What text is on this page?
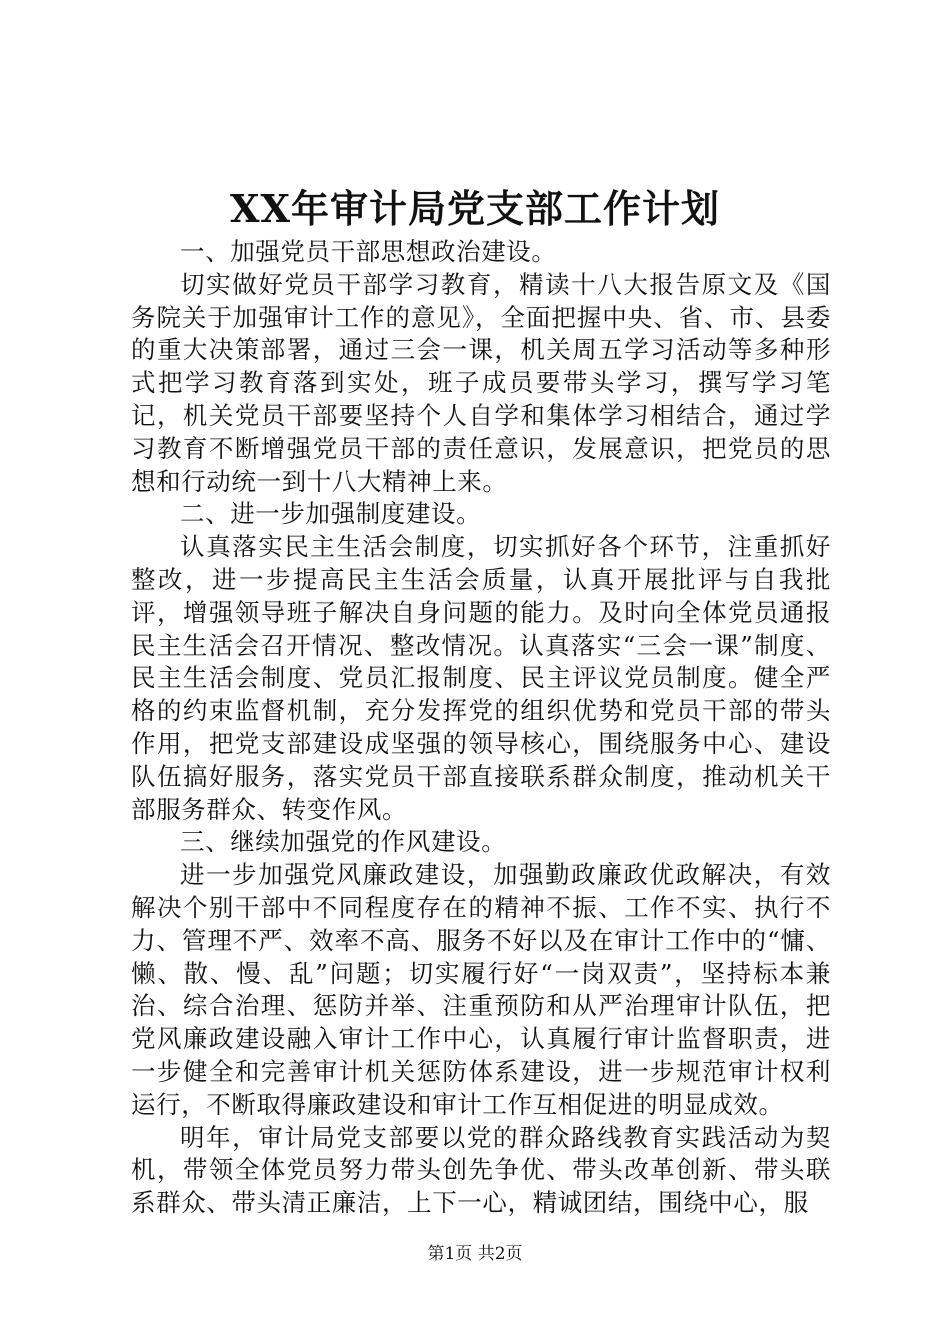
XX年审计局党支部工作计划

一、加强党员干部思想政治建设。

切实做好党员干部学习教育，精读十八大报告原文及《国务院关于加强审计工作的意见》，全面把握中央、省、市、县委的重大决策部署，通过三会一课，机关周五学习活动等多种形式把学习教育落到实处，班子成员要带头学习，撰写学习笔记，机关党员干部要坚持个人自学和集体学习相结合，通过学习教育不断增强党员干部的责任意识，发展意识，把党员的思想和行动统一到十八大精神上来。

二、进一步加强制度建设。

认真落实民主生活会制度，切实抓好各个环节，注重抓好整改，进一步提高民主生活会质量，认真开展批评与自我批评，增强领导班子解决自身问题的能力。及时向全体党员通报民主生活会召开情况、整改情况。认真落实“三会一课”制度、民主生活会制度、党员汇报制度、民主评议党员制度。健全严格的约束监督机制，充分发挥党的组织优势和党员干部的带头作用，把党支部建设成坚强的领导核心，围绕服务中心、建设队伍搞好服务，落实党员干部直接联系群众制度，推动机关干部服务群众、转变作风。

三、继续加强党的作风建设。

进一步加强党风廉政建设，加强勤政廉政优政解决，有效解决个别干部中不同程度存在的精神不振、工作不实、执行不力、管理不严、效率不高、服务不好以及在审计工作中的“慵、懒、散、慢、乱”问题；切实履行好“一岗双责”，坚持标本兼治、综合治理、惩防并举、注重预防和从严治理审计队伍，把党风廉政建设融入审计工作中心，认真履行审计监督职责，进一步健全和完善审计机关惩防体系建设，进一步规范审计权利运行，不断取得廉政建设和审计工作互相促进的明显成效。

明年，审计局党支部要以党的群众路线教育实践活动为契机，带领全体党员努力带头创先争优、带头改革创新、带头联系群众、带头清正廉洁，上下一心，精诚团结，围绕中心，服

第1页 共2页
